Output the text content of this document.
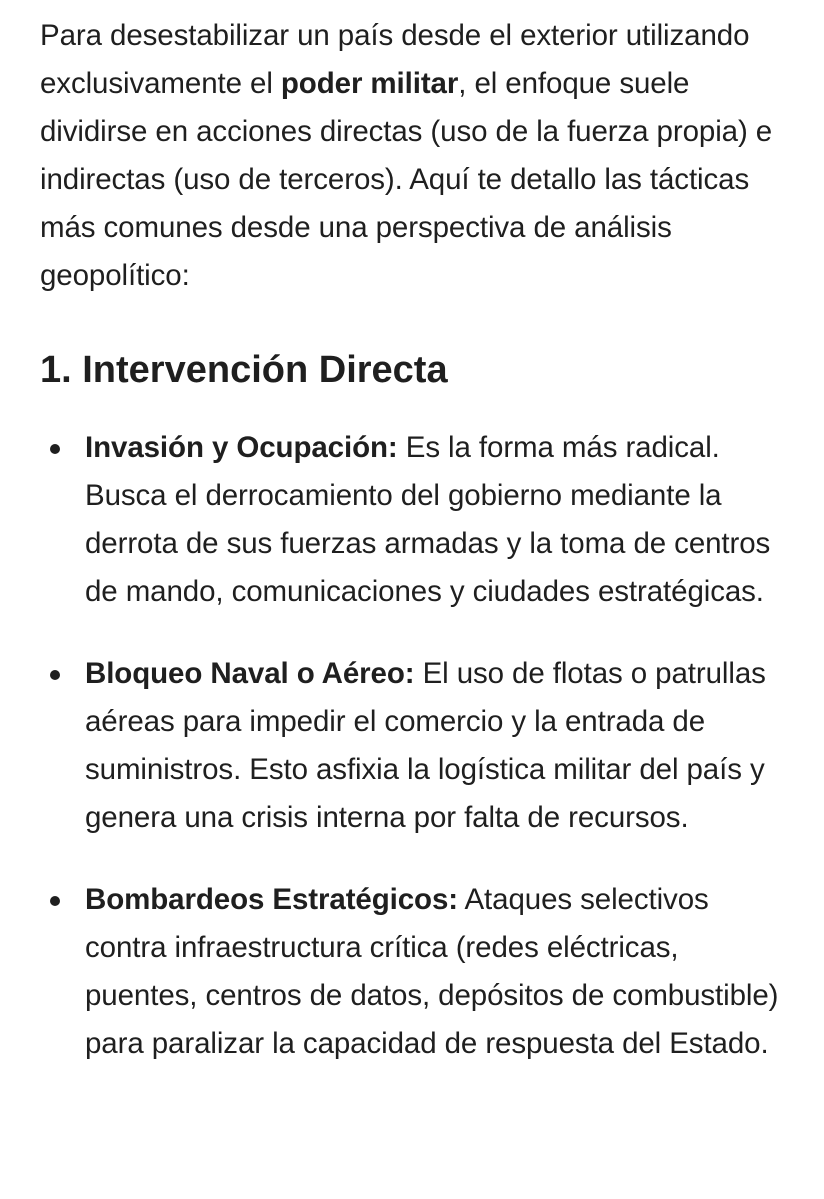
Para desestabilizar un país desde el exterior utilizando exclusivamente el poder militar, el enfoque suele dividirse en acciones directas (uso de la fuerza propia) e indirectas (uso de terceros). Aquí te detallo las tácticas más comunes desde una perspectiva de análisis geopolítico:

1. Intervención Directa
Invasión y Ocupación: Es la forma más radical. Busca el derrocamiento del gobierno mediante la derrota de sus fuerzas armadas y la toma de centros de mando, comunicaciones y ciudades estratégicas.
Bloqueo Naval o Aéreo: El uso de flotas o patrullas aéreas para impedir el comercio y la entrada de suministros. Esto asfixia la logística militar del país y genera una crisis interna por falta de recursos.
Bombardeos Estratégicos: Ataques selectivos contra infraestructura crítica (redes eléctricas, puentes, centros de datos, depósitos de combustible) para paralizar la capacidad de respuesta del Estado.
